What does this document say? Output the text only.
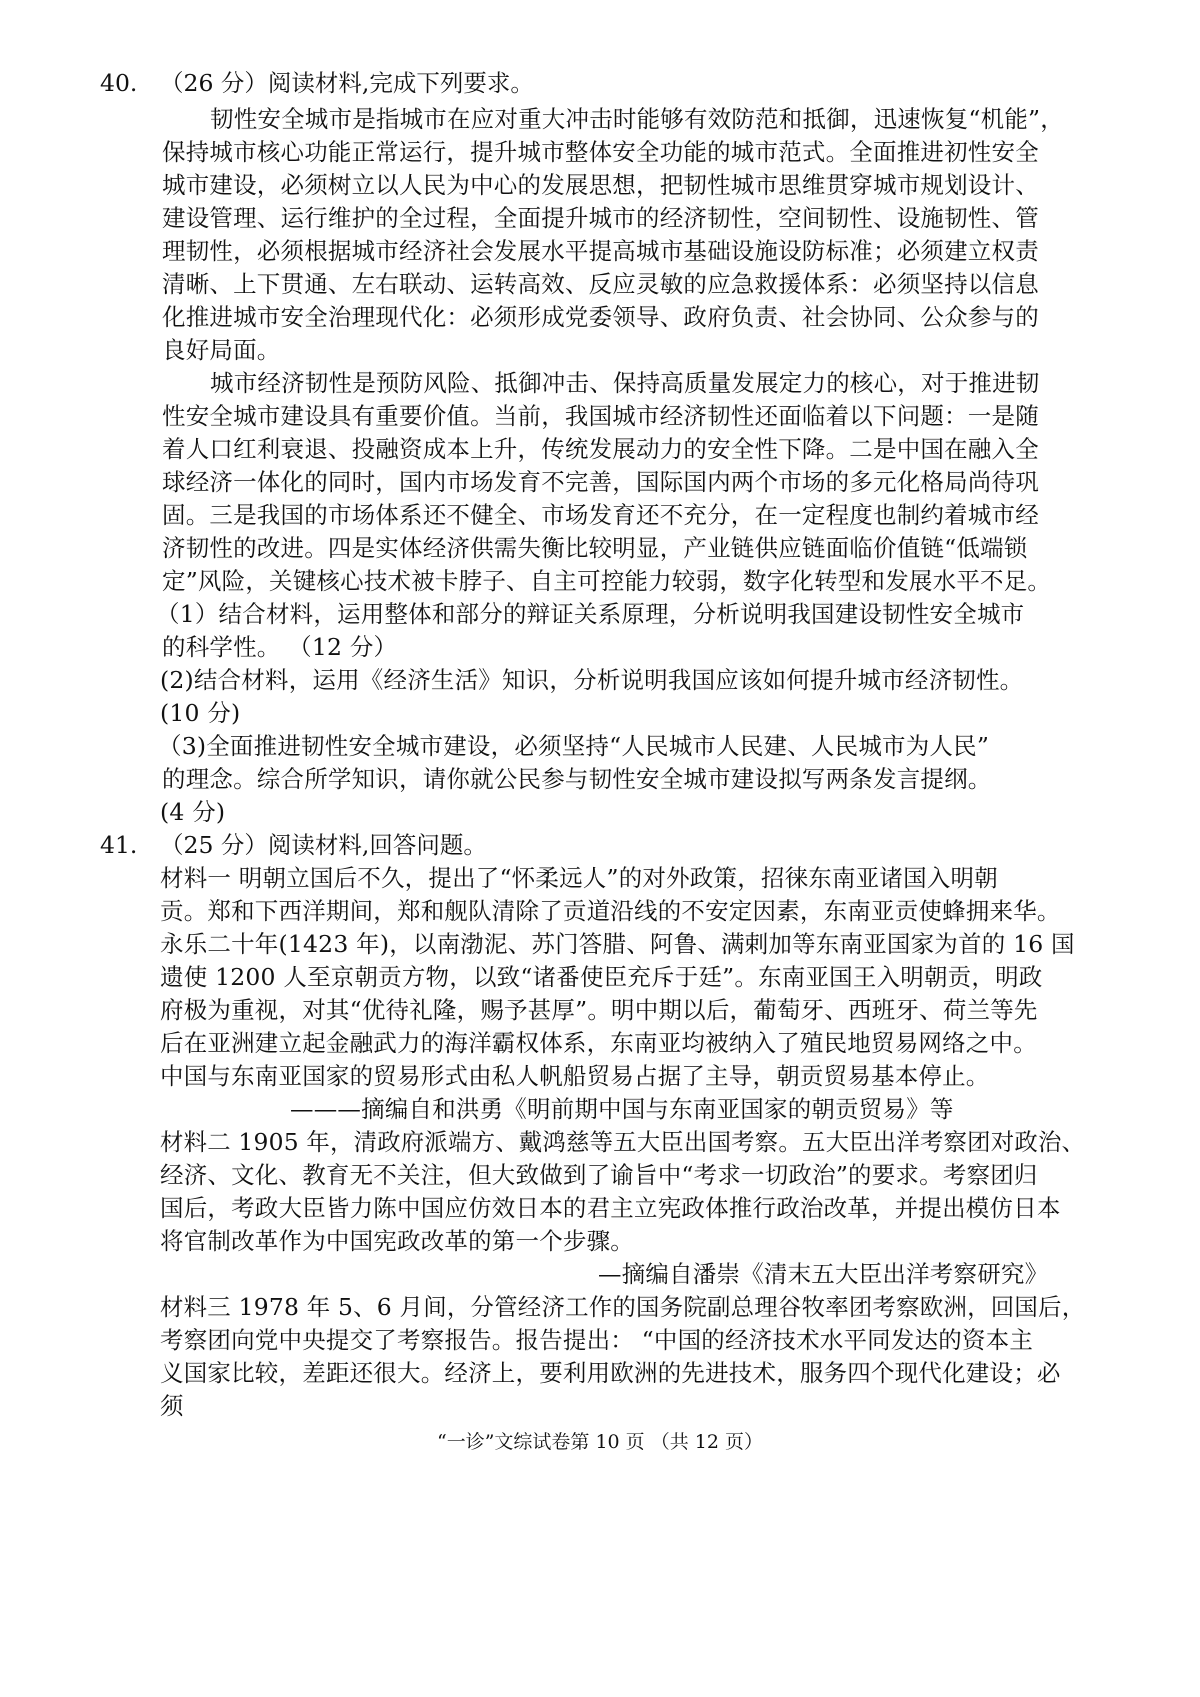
40. （26 分）阅读材料,完成下列要求。
韧性安全城市是指城市在应对重大冲击时能够有效防范和抵御，迅速恢复“机能”，
保持城市核心功能正常运行，提升城市整体安全功能的城市范式。全面推进初性安全
城市建设，必须树立以人民为中心的发展思想，把韧性城市思维贯穿城市规划设计、
建设管理、运行维护的全过程，全面提升城市的经济韧性，空间韧性、设施韧性、管
理韧性，必须根据城市经济社会发展水平提高城市基础设施设防标准；必须建立权责
清晰、上下贯通、左右联动、运转高效、反应灵敏的应急救援体系：必须坚持以信息
化推进城市安全治理现代化：必须形成党委领导、政府负责、社会协同、公众参与的
良好局面。
城市经济韧性是预防风险、抵御冲击、保持高质量发展定力的核心，对于推进韧
性安全城市建设具有重要价值。当前，我国城市经济韧性还面临着以下问题：一是随
着人口红利衰退、投融资成本上升，传统发展动力的安全性下降。二是中国在融入全
球经济一体化的同时，国内市场发育不完善，国际国内两个市场的多元化格局尚待巩
固。三是我国的市场体系还不健全、市场发育还不充分，在一定程度也制约着城市经
济韧性的改进。四是实体经济供需失衡比较明显，产业链供应链面临价值链“低端锁
定”风险，关键核心技术被卡脖子、自主可控能力较弱，数字化转型和发展水平不足。
（1）结合材料，运用整体和部分的辩证关系原理，分析说明我国建设韧性安全城市
的科学性。 （12 分）
(2)结合材料，运用《经济生活》知识，分析说明我国应该如何提升城市经济韧性。
(10 分)
（3)全面推进韧性安全城市建设，必须坚持“人民城市人民建、人民城市为人民”
的理念。综合所学知识，请你就公民参与韧性安全城市建设拟写两条发言提纲。
(4 分)
41. （25 分）阅读材料,回答问题。
材料一 明朝立国后不久，提出了“怀柔远人”的对外政策，招徕东南亚诸国入明朝
贡。郑和下西洋期间，郑和舰队清除了贡道沿线的不安定因素，东南亚贡使蜂拥来华。
永乐二十年(1423 年)，以南渤泥、苏门答腊、阿鲁、满剌加等东南亚国家为首的 16 国
遗使 1200 人至京朝贡方物，以致“诸番使臣充斥于廷”。东南亚国王入明朝贡，明政
府极为重视，对其“优待礼隆，赐予甚厚”。明中期以后，葡萄牙、西班牙、荷兰等先
后在亚洲建立起金融武力的海洋霸权体系，东南亚均被纳入了殖民地贸易网络之中。
中国与东南亚国家的贸易形式由私人帆船贸易占据了主导，朝贡贸易基本停止。
———摘编自和洪勇《明前期中国与东南亚国家的朝贡贸易》等
材料二 1905 年，清政府派端方、戴鸿慈等五大臣出国考察。五大臣出洋考察团对政治、
经济、文化、教育无不关注，但大致做到了谕旨中“考求一切政治”的要求。考察团归
国后，考政大臣皆力陈中国应仿效日本的君主立宪政体推行政治改革，并提出模仿日本
将官制改革作为中国宪政改革的第一个步骤。
—摘编自潘崇《清末五大臣出洋考察研究》
材料三 1978 年 5、6 月间，分管经济工作的国务院副总理谷牧率团考察欧洲，回国后，
考察团向党中央提交了考察报告。报告提出： “中国的经济技术水平同发达的资本主
义国家比较，差距还很大。经济上，要利用欧洲的先进技术，服务四个现代化建设；必
须
“一诊”文综试卷第 10 页 （共 12 页）
